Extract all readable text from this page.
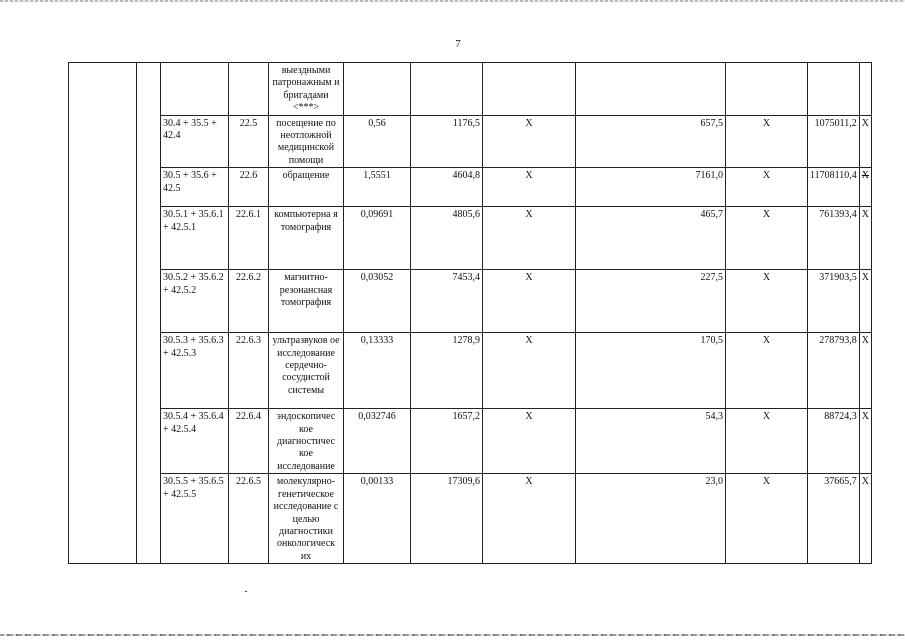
7
				выездными патронажным и бригадами <***>							
		30.4 + 35.5 + 42.4	22.5	посещение по неотложной медицинской помощи	0,56	1176,5	X	657,5	X	1075011,2	X
		30.5 + 35.6 + 42.5	22.6	обращение	1,5551	4604,8	X	7161,0	X	11708110,4	X
		30.5.1 + 35.6.1 + 42.5.1	22.6.1	компьютерна я томография	0,09691	4805,6	X	465,7	X	761393,4	X
		30.5.2 + 35.6.2 + 42.5.2	22.6.2	магнитно-резонансная томография	0,03052	7453,4	X	227,5	X	371903,5	X
		30.5.3 + 35.6.3 + 42.5.3	22.6.3	ультразвуков ое исследование сердечно-сосудистой системы	0,13333	1278,9	X	170,5	X	278793,8	X
		30.5.4 + 35.6.4 + 42.5.4	22.6.4	эндоскопичес кое диагностичес кое исследование	0,032746	1657,2	X	54,3	X	88724,3	X
		30.5.5 + 35.6.5 + 42.5.5	22.6.5	молекулярно-генетическое исследование с целью диагностики онкологическ их	0,00133	17309,6	X	23,0	X	37665,7	X
